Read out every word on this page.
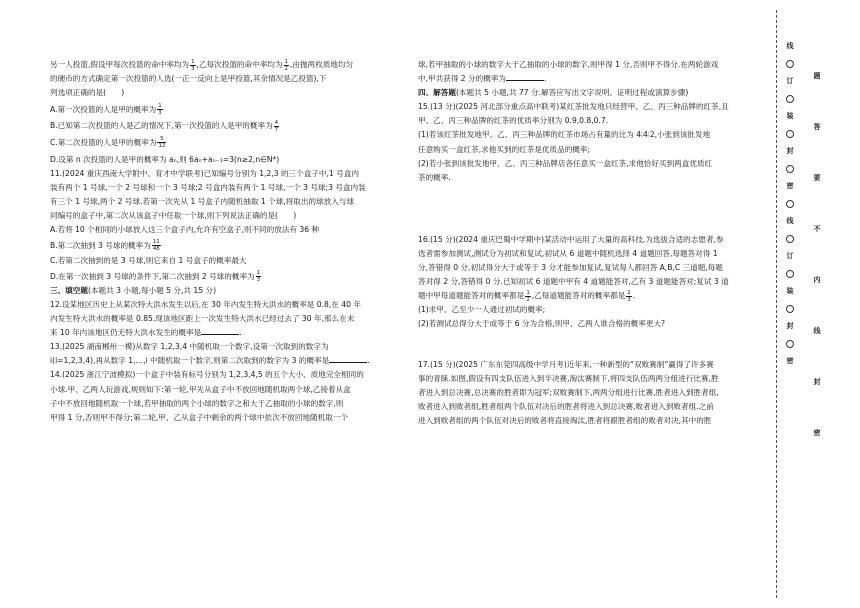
另一人投篮,假设甲每次投篮的命中率均为 $\frac{1}{3}$ ,乙每次投篮的命中率均为 $\frac{1}{2}$ ,由抛两枚质地均匀

的硬币的方式确定第一次投篮的人选(一正一反向上是甲投篮,其余情况是乙投篮),下

列选项正确的是(　　)

A.第一次投篮的人是甲的概率为 $\frac{1}{3}$

B.已知第二次投篮的人是乙的情况下,第一次投篮的人是甲的概率为 $\frac{4}{7}$

C.第二次投篮的人是甲的概率为 $\frac{5}{12}$

D.设第 n 次投篮的人是甲的概率为 aₙ,则 6aₙ+aₙ₋₁=3(n≥2,n∈N*)

11.(2024 重庆西南大学附中、育才中学联考)已知编号分别为 1,2,3 的三个盒子中,1 号盒内

装有两个 1 号球,一个 2 号球和一个 3 号球;2 号盒内装有两个 1 号球,一个 3 号球;3 号盒内装

有三个 1 号球,两个 2 号球.若第一次先从 1 号盒子内随机抽取 1 个球,将取出的球放入与球

同编号的盒子中,第二次从该盒子中任取一个球,则下列说法正确的是(　　)

A.若将 10 个相同的小球放入这三个盒子内,允许有空盒子,则不同的放法有 36 种

B.第二次抽到 3 号球的概率为 $\frac{11}{48}$

C.若第二次抽到的是 3 号球,则它来自 1 号盒子的概率最大

D.在第一次抽到 3 号球的条件下,第二次抽到 2 号球的概率为 $\frac{1}{3}$

三、填空题(本题共 3 小题,每小题 5 分,共 15 分)

12.设某地区历史上从某次特大洪水发生以后,在 30 年内发生特大洪水的概率是 0.8,在 40 年

内发生特大洪水的概率是 0.85.现该地区距上一次发生特大洪水已经过去了 30 年,那么在未

来 10 年内该地区仍无特大洪水发生的概率是	.

13.(2025 湖南郴州一模)从数字 1,2,3,4 中随机取一个数字,设第一次取到的数字为

i(i=1,2,3,4),再从数字 1,…,i 中随机取一个数字,则第二次取到的数字为 3 的概率是	.

14.(2025 浙江宁波模拟)一个盒子中装有标号分别为 1,2,3,4,5 的五个大小、质地完全相同的

小球.甲、乙两人玩游戏,规则如下:第一轮,甲先从盒子中不放回地随机取两个球,乙接着从盒

子中不放回地随机取一个球,若甲抽取的两个小球的数字之和大于乙抽取的小球的数字,则

甲得 1 分,否则甲不得分;第二轮,甲、乙从盒子中剩余的两个球中依次不放回地随机取一个

球,若甲抽取的小球的数字大于乙抽取的小球的数字,则甲得 1 分,否则甲不得分.在两轮游戏

中,甲共获得 2 分的概率为	.

四、解答题(本题共 5 小题,共 77 分.解答应写出文字说明、证明过程或演算步骤)

15.(13 分)(2025 河北部分重点高中联考)某红茶批发地只经营甲、乙、丙三种品牌的红茶,且

甲、乙、丙三种品牌的红茶的优质率分别为 0.9,0.8,0.7.

(1)若该红茶批发地甲、乙、丙三种品牌的红茶市场占有量的比为 4∶4∶2,小张到该批发地

任意购买一盒红茶,求他买到的红茶是优质品的概率;

(2)若小张到该批发地甲、乙、丙三种品牌店各任意买一盒红茶,求他恰好买到两盒优质红

茶的概率.

16.(15 分)(2024 重庆巴蜀中学期中)某活动中运用了大量的高科技,为选拔合适的志愿者,参

选者需参加测试,测试分为初试和复试,初试从 6 道题中随机选择 4 道题回答,每题答对得 1

分,答错得 0 分,初试得分大于或等于 3 分才能参加复试,复试每人都回答 A,B,C 三道题,每题

答对得 2 分,答错得 0 分.已知初试 6 道题中甲有 4 道题能答对,乙有 3 道题能答对;复试 3 道

题中甲每道题能答对的概率都是 $\frac{1}{2}$ ,乙每道题能答对的概率都是 $\frac{2}{3}$ .

(1)求甲、乙至少一人通过初试的概率;

(2)若测试总得分大于或等于 6 分为合格,则甲、乙两人谁合格的概率更大?

17.(15 分)(2025 广东东莞四高级中学月考)近年来,一种新型的“双败赛制”赢得了许多赛

事的青睐.如图,假设有四支队伍进入到半决赛,淘汰赛制下,将四支队伍两两分组进行比赛,胜

者进入到总决赛,总决赛的胜者即为冠军;双败赛制下,两两分组进行比赛,胜者进入到胜者组,

败者进入到败者组,胜者组两个队伍对决后的胜者将进入到总决赛,败者进入到败者组.之前

进入到败者组的两个队伍对决后的败者将直接淘汰,胜者将跟胜者组的败者对决,其中的胜

线
订
装
封
密
线
订
装
封
密
题
答
要
不
内
线
封
密
